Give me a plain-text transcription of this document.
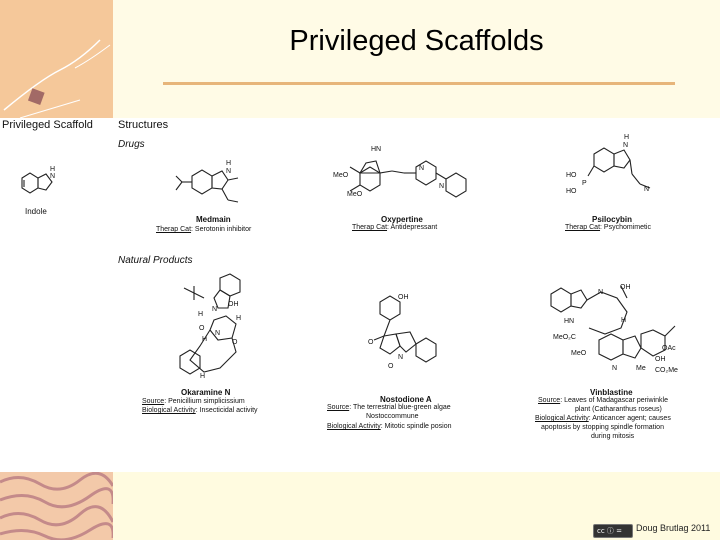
Privileged Scaffolds
Privileged Scaffold Structures
Drugs
Natural Products
H
N
Indole
H
N
Medmain
Therap Cat: Serotonin inhibitor
HN
MeO
MeO
N
N
Oxypertine
Therap Cat: Antidepressant
H
N
HO
P
HO	N
Psilocybin
Therap Cat: Psychomimetic
OH
N
H
H
O
N
H	O
H
Okaramine N
Source: Penicillium simplicissium
Biological Activity: Insecticidal activity
OH
O
N
O
Nostodione A
Source: The terrestrial blue-green algae
Nostoccommune
Biological Activity: Mitotic spindle posion
OH
N
HN	H
MeO₂C
MeO
OAc
OH
N	Me CO₂Me
Vinblastine
Source: Leaves of Madagascar periwinkle
plant (Catharanthus roseus)
Biological Activity: Anticancer agent; causes
apoptosis by stopping spindle formation
during mitosis
cc ⓘ = Doug Brutlag 2011
